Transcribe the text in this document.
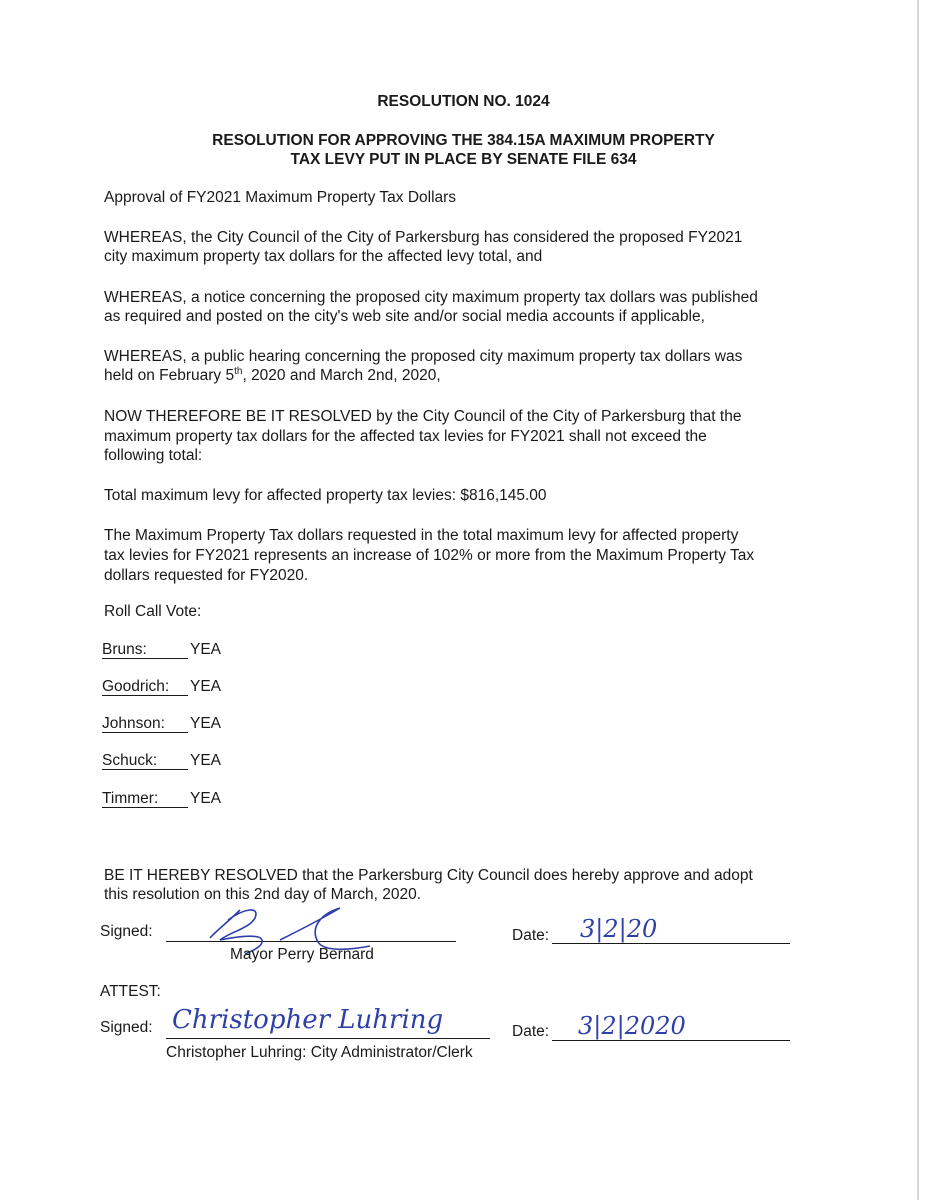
RESOLUTION NO. 1024
RESOLUTION FOR APPROVING THE 384.15A MAXIMUM PROPERTY
TAX LEVY PUT IN PLACE BY SENATE FILE 634
Approval of FY2021 Maximum Property Tax Dollars
WHEREAS, the City Council of the City of Parkersburg has considered the proposed FY2021
city maximum property tax dollars for the affected levy total, and
WHEREAS, a notice concerning the proposed city maximum property tax dollars was published
as required and posted on the city's web site and/or social media accounts if applicable,
WHEREAS, a public hearing concerning the proposed city maximum property tax dollars was
held on February 5th, 2020 and March 2nd, 2020,
NOW THEREFORE BE IT RESOLVED by the City Council of the City of Parkersburg that the
maximum property tax dollars for the affected tax levies for FY2021 shall not exceed the
following total:
Total maximum levy for affected property tax levies: $816,145.00
The Maximum Property Tax dollars requested in the total maximum levy for affected property
tax levies for FY2021 represents an increase of 102% or more from the Maximum Property Tax
dollars requested for FY2020.
Roll Call Vote:
Bruns:	YEA
Goodrich: YEA
Johnson: YEA
Schuck: YEA
Timmer: YEA
BE IT HEREBY RESOLVED that the Parkersburg City Council does hereby approve and adopt
this resolution on this 2nd day of March, 2020.
Signed:
Mayor Perry Bernard
Date: 3|2|20
ATTEST:
Signed: Christopher Luhring
Christopher Luhring: City Administrator/Clerk
Date: 3|2|2020
